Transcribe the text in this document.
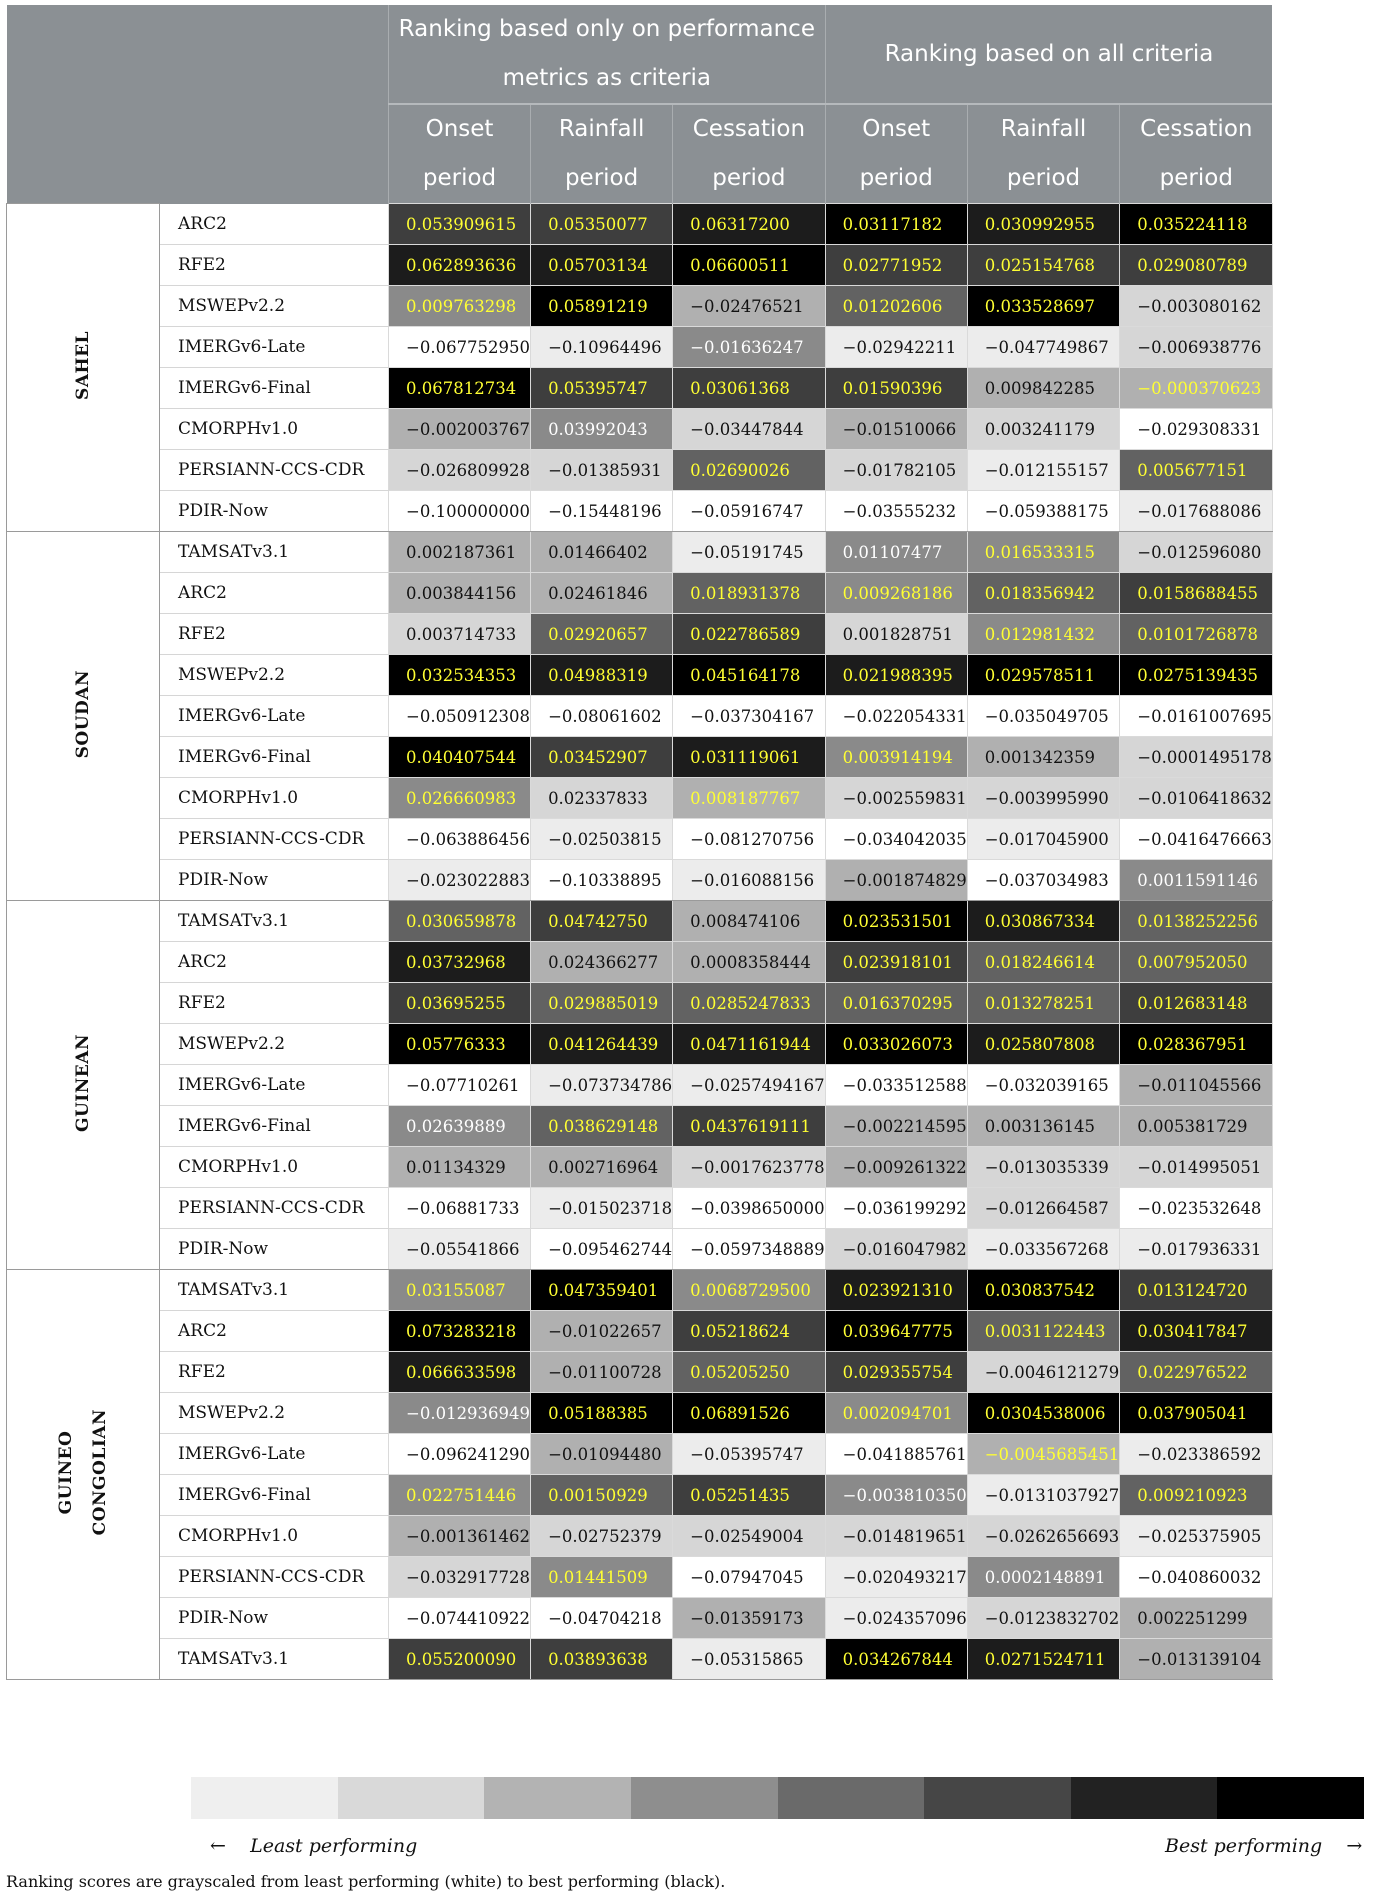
		Ranking based only on performance metrics as criteria			Ranking based on all criteria		
		Onset period	Rainfall period	Cessation period	Onset period	Rainfall period	Cessation period
SAHEL	ARC2	0.053909615	0.05350077	0.06317200	0.03117182	0.030992955	0.035224118
	RFE2	0.062893636	0.05703134	0.06600511	0.02771952	0.025154768	0.029080789
	MSWEPv2.2	0.009763298	0.05891219	−0.02476521	0.01202606	0.033528697	−0.003080162
	IMERGv6-Late	−0.067752950	−0.10964496	−0.01636247	−0.02942211	−0.047749867	−0.006938776
	IMERGv6-Final	0.067812734	0.05395747	0.03061368	0.01590396	0.009842285	−0.000370623
	CMORPHv1.0	−0.002003767	0.03992043	−0.03447844	−0.01510066	0.003241179	−0.029308331
	PERSIANN-CCS-CDR	−0.026809928	−0.01385931	0.02690026	−0.01782105	−0.012155157	0.005677151
	PDIR-Now	−0.100000000	−0.15448196	−0.05916747	−0.03555232	−0.059388175	−0.017688086
SOUDAN	TAMSATv3.1	0.002187361	0.01466402	−0.05191745	0.01107477	0.016533315	−0.012596080
	ARC2	0.003844156	0.02461846	0.018931378	0.009268186	0.018356942	0.0158688455
	RFE2	0.003714733	0.02920657	0.022786589	0.001828751	0.012981432	0.0101726878
	MSWEPv2.2	0.032534353	0.04988319	0.045164178	0.021988395	0.029578511	0.0275139435
	IMERGv6-Late	−0.050912308	−0.08061602	−0.037304167	−0.022054331	−0.035049705	−0.0161007695
	IMERGv6-Final	0.040407544	0.03452907	0.031119061	0.003914194	0.001342359	−0.0001495178
	CMORPHv1.0	0.026660983	0.02337833	0.008187767	−0.002559831	−0.003995990	−0.0106418632
	PERSIANN-CCS-CDR	−0.063886456	−0.02503815	−0.081270756	−0.034042035	−0.017045900	−0.0416476663
	PDIR-Now	−0.023022883	−0.10338895	−0.016088156	−0.001874829	−0.037034983	0.0011591146
GUINEAN	TAMSATv3.1	0.030659878	0.04742750	0.008474106	0.023531501	0.030867334	0.0138252256
	ARC2	0.03732968	0.024366277	0.0008358444	0.023918101	0.018246614	0.007952050
	RFE2	0.03695255	0.029885019	0.0285247833	0.016370295	0.013278251	0.012683148
	MSWEPv2.2	0.05776333	0.041264439	0.0471161944	0.033026073	0.025807808	0.028367951
	IMERGv6-Late	−0.07710261	−0.073734786	−0.0257494167	−0.033512588	−0.032039165	−0.011045566
	IMERGv6-Final	0.02639889	0.038629148	0.0437619111	−0.002214595	0.003136145	0.005381729
	CMORPHv1.0	0.01134329	0.002716964	−0.0017623778	−0.009261322	−0.013035339	−0.014995051
	PERSIANN-CCS-CDR	−0.06881733	−0.015023718	−0.0398650000	−0.036199292	−0.012664587	−0.023532648
	PDIR-Now	−0.05541866	−0.095462744	−0.0597348889	−0.016047982	−0.033567268	−0.017936331
GUINEO
CONGOLIAN	TAMSATv3.1	0.03155087	0.047359401	0.0068729500	0.023921310	0.030837542	0.013124720
	ARC2	0.073283218	−0.01022657	0.05218624	0.039647775	0.0031122443	0.030417847
	RFE2	0.066633598	−0.01100728	0.05205250	0.029355754	−0.0046121279	0.022976522
	MSWEPv2.2	−0.012936949	0.05188385	0.06891526	0.002094701	0.0304538006	0.037905041
	IMERGv6-Late	−0.096241290	−0.01094480	−0.05395747	−0.041885761	−0.0045685451	−0.023386592
	IMERGv6-Final	0.022751446	0.00150929	0.05251435	−0.003810350	−0.0131037927	0.009210923
	CMORPHv1.0	−0.001361462	−0.02752379	−0.02549004	−0.014819651	−0.0262656693	−0.025375905
	PERSIANN-CCS-CDR	−0.032917728	0.01441509	−0.07947045	−0.020493217	0.0002148891	−0.040860032
	PDIR-Now	−0.074410922	−0.04704218	−0.01359173	−0.024357096	−0.0123832702	0.002251299
	TAMSATv3.1	0.055200090	0.03893638	−0.05315865	0.034267844	0.0271524711	−0.013139104
← Least performing	Best performing →
Ranking scores are grayscaled from least performing (white) to best performing (black).
